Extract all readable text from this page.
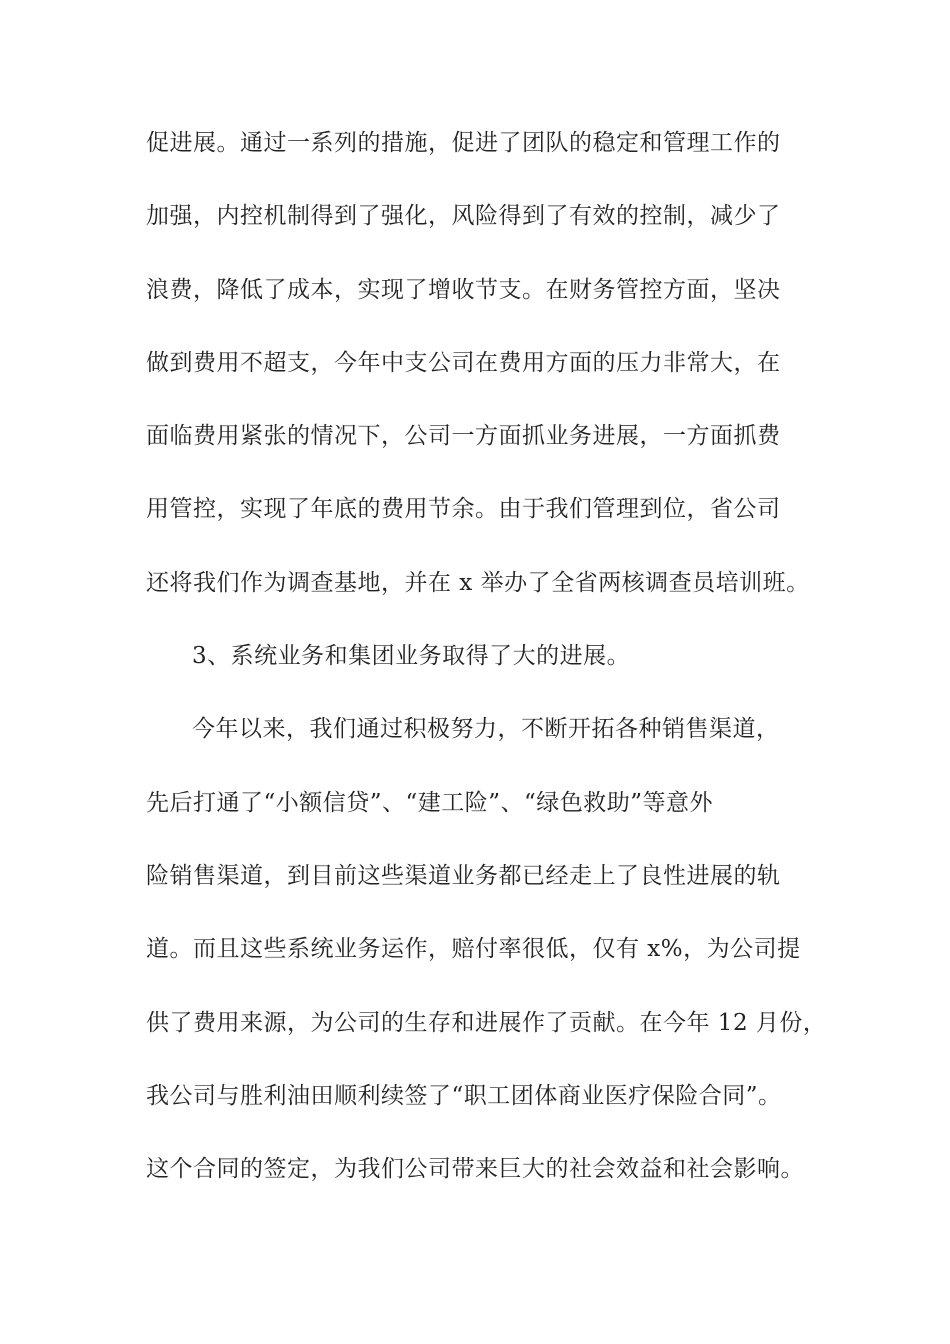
促进展。通过一系列的措施，促进了团队的稳定和管理工作的
加强，内控机制得到了强化，风险得到了有效的控制，减少了
浪费，降低了成本，实现了增收节支。在财务管控方面，坚决
做到费用不超支，今年中支公司在费用方面的压力非常大，在
面临费用紧张的情况下，公司一方面抓业务进展，一方面抓费
用管控，实现了年底的费用节余。由于我们管理到位，省公司
还将我们作为调查基地，并在 x 举办了全省两核调查员培训班。
3、系统业务和集团业务取得了大的进展。
今年以来，我们通过积极努力，不断开拓各种销售渠道，
先后打通了“小额信贷”、“建工险”、“绿色救助”等意外
险销售渠道，到目前这些渠道业务都已经走上了良性进展的轨
道。而且这些系统业务运作，赔付率很低，仅有 x%，为公司提
供了费用来源，为公司的生存和进展作了贡献。在今年 12 月份，
我公司与胜利油田顺利续签了“职工团体商业医疗保险合同”。
这个合同的签定，为我们公司带来巨大的社会效益和社会影响。
